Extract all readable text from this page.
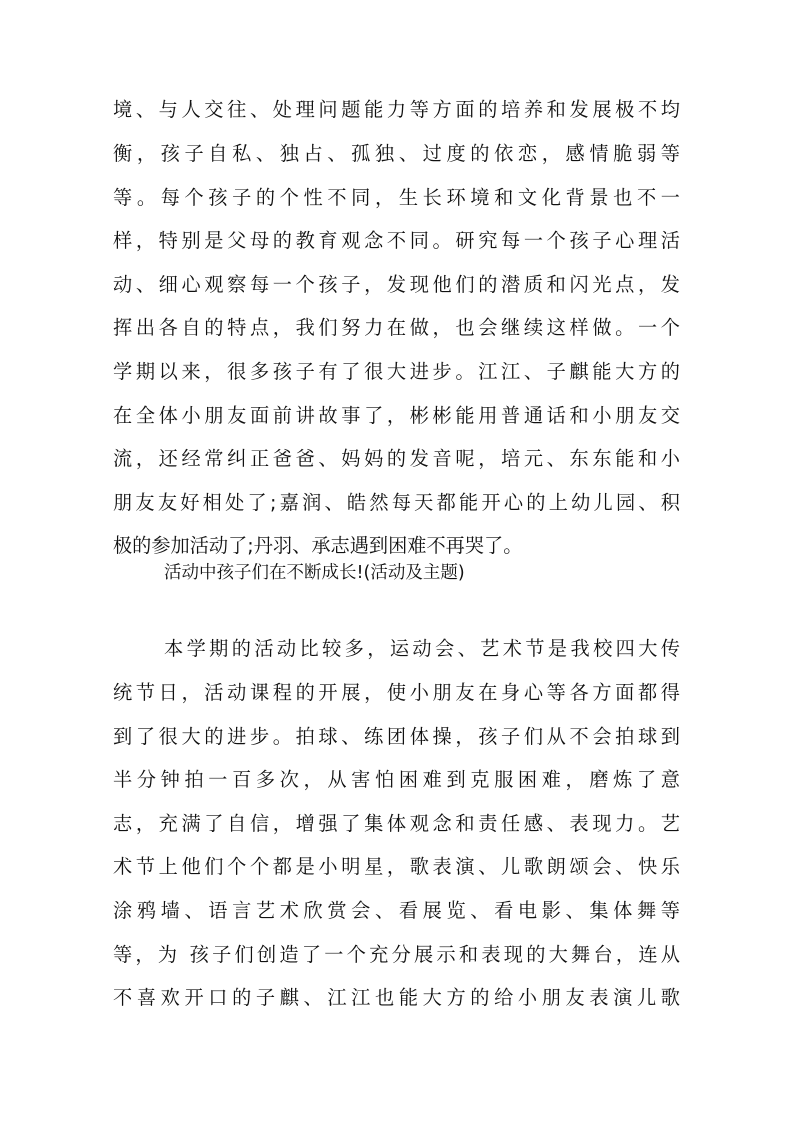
境、与人交往、处理问题能力等方面的培养和发展极不均
衡，孩子自私、独占、孤独、过度的依恋，感情脆弱等
等。每个孩子的个性不同，生长环境和文化背景也不一
样，特别是父母的教育观念不同。研究每一个孩子心理活
动、细心观察每一个孩子，发现他们的潜质和闪光点，发
挥出各自的特点，我们努力在做，也会继续这样做。一个
学期以来，很多孩子有了很大进步。江江、子麒能大方的
在全体小朋友面前讲故事了，彬彬能用普通话和小朋友交
流，还经常纠正爸爸、妈妈的发音呢，培元、东东能和小
朋友友好相处了;嘉润、皓然每天都能开心的上幼儿园、积
极的参加活动了;丹羽、承志遇到困难不再哭了。
活动中孩子们在不断成长!(活动及主题)
本学期的活动比较多，运动会、艺术节是我校四大传
统节日，活动课程的开展，使小朋友在身心等各方面都得
到了很大的进步。拍球、练团体操，孩子们从不会拍球到
半分钟拍一百多次，从害怕困难到克服困难，磨炼了意
志，充满了自信，增强了集体观念和责任感、表现力。艺
术节上他们个个都是小明星，歌表演、儿歌朗颂会、快乐
涂鸦墙、语言艺术欣赏会、看展览、看电影、集体舞等
等，为 孩子们创造了一个充分展示和表现的大舞台，连从
不喜欢开口的子麒、江江也能大方的给小朋友表演儿歌
